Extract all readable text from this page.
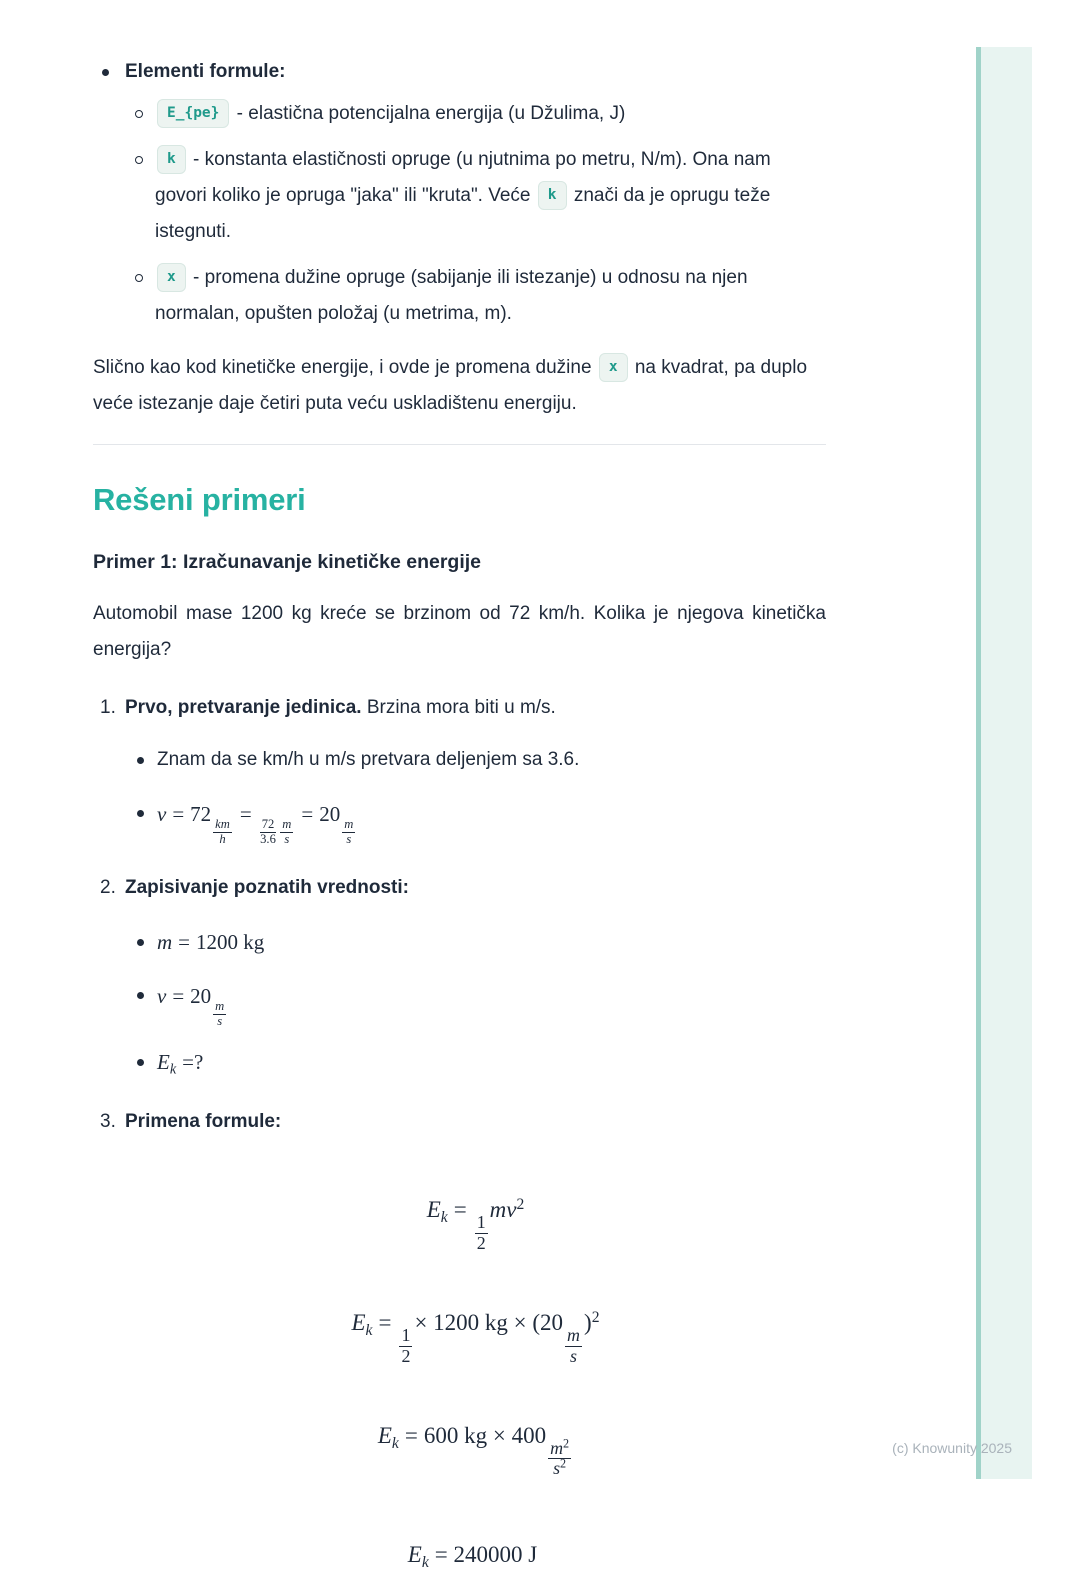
Elementi formule:
E_{pe} - elastična potencijalna energija (u Džulima, J)
k - konstanta elastičnosti opruge (u njutnima po metru, N/m). Ona nam govori koliko je opruga "jaka" ili "kruta". Veće k znači da je oprugu teže istegnuti.
x - promena dužine opruge (sabijanje ili istezanje) u odnosu na njen normalan, opušten položaj (u metrima, m).

Slično kao kod kinetičke energije, i ovde je promena dužine x na kvadrat, pa duplo veće istezanje daje četiri puta veću uskladištenu energiju.

Rešeni primeri
Primer 1: Izračunavanje kinetičke energije

Automobil mase 1200 kg kreće se brzinom od 72 km/h. Kolika je njegova kinetička energija?

1. Prvo, pretvaranje jedinica. Brzina mora biti u m/s.
Znam da se km/h u m/s pretvara deljenjem sa 3.6.
v = 72
$\frac{km}{h}$
=
$\frac{72}{3.6} \frac{m}{s}$
= 20
$\frac{m}{s}$
2. Zapisivanje poznatih vrednosti:
m = 1200 kg
v = 20
$\frac{m}{s}$
$E_k$ =?
3. Primena formule:
$E_k$ =
$\frac{1}{2}$
$mv^2$
$E_k$ =
$\frac{1}{2}$
× 1200 kg × (20
$\frac{m}{s}$
)$^2$
$E_k = 600$ kg × 400
$\frac{m^2}{s^2}$
$E_k = 240000$ J
(c) Knowunity 2025
